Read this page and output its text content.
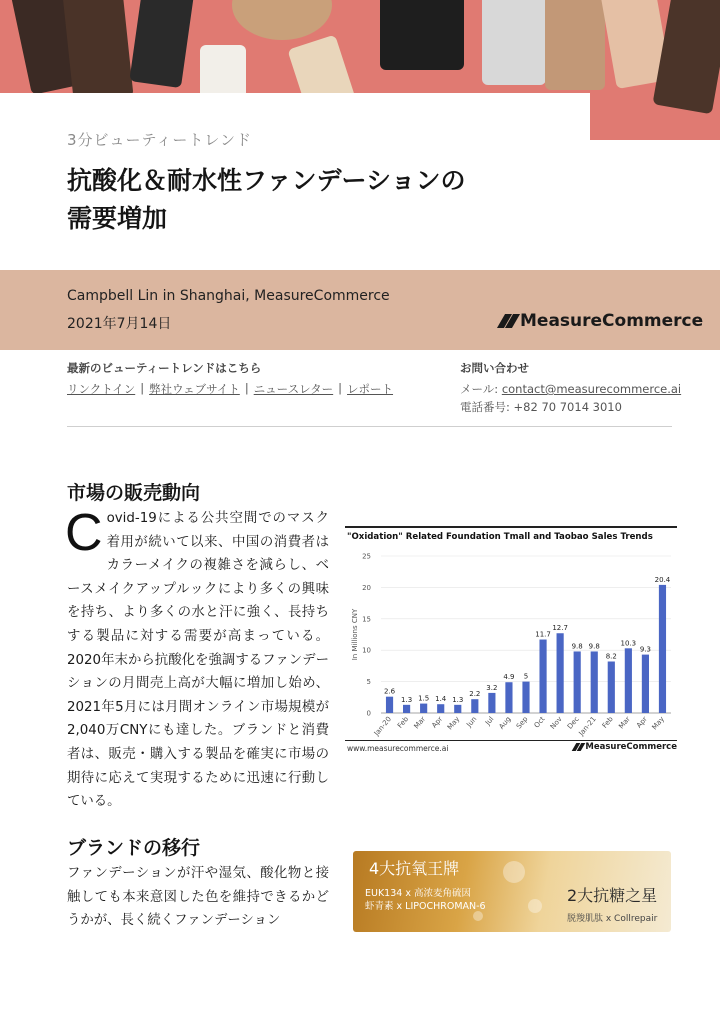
3分ビューティートレンド
抗酸化＆耐水性ファンデーションの
需要増加
Campbell Lin in Shanghai, MeasureCommerce
2021年7月14日	MeasureCommerce
最新のビューティートレンドはこちら
リンクトイン | 弊社ウェブサイト | ニュースレター | レポート
お問い合わせ
メール: contact@measurecommerce.ai
電話番号: +82 70 7014 3010
市場の販売動向
Covid-19による公共空間でのマスク着用が続いて以来、中国の消費者はカラーメイクの複雑さを減らし、ベースメイクアップルックにより多くの興味を持ち、より多くの水と汗に強く、長持ちする製品に対する需要が高まっている。 2020年末から抗酸化を強調するファンデーションの月間売上高が大幅に増加し始め、2021年5月には月間オンライン市場規模が2,040万CNYにも達した。ブランドと消費者は、販売・購入する製品を確実に市場の期待に応えて実現するために迅速に行動している。
"Oxidation" Related Foundation Tmall and Taobao Sales Trends
0
5
10
15
20
25
In Millions CNY
2.6
Jan-20
1.3
Feb
1.5
Mar
1.4
Apr
1.3
May
2.2
Jun
3.2
Jul
4.9
Aug
5
Sep
11.7
Oct
12.7
Nov
9.8
Dec
9.8
Jan-21
8.2
Feb
10.3
Mar
9.3
Apr
20.4
May
www.measurecommerce.ai	MeasureCommerce
ブランドの移行
ファンデーションが汗や湿気、酸化物と接触しても本来意図した色を維持できるかどうかが、長く続くファンデーション
4大抗氧王牌
EUK134 x 高浓麦角硫因
虾青素 x LIPOCHROMAN-6
2大抗糖之星
脱羧肌肽 x Collrepair
